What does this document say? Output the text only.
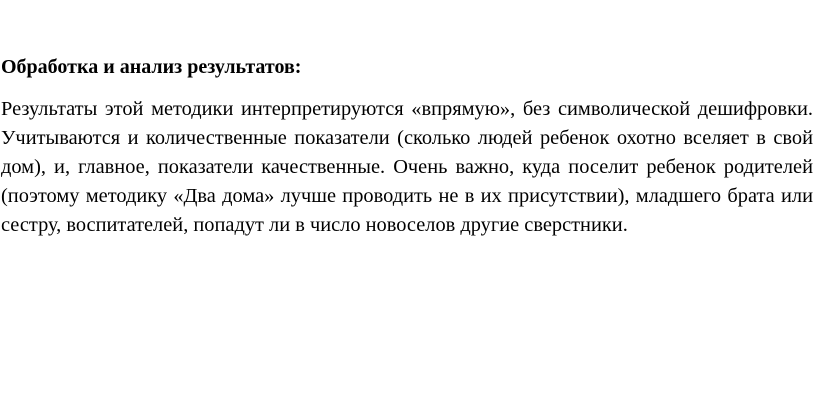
Обработка и анализ результатов:

Результаты этой методики интерпретируются «впрямую», без символической дешифровки. Учитываются и количественные показатели (сколько людей ребенок охотно вселяет в свой дом), и, главное, показатели качественные. Очень важно, куда поселит ребенок родителей (поэтому методику «Два дома» лучше проводить не в их присутствии), младшего брата или сестру, воспитателей, попадут ли в число новоселов другие сверстники.
